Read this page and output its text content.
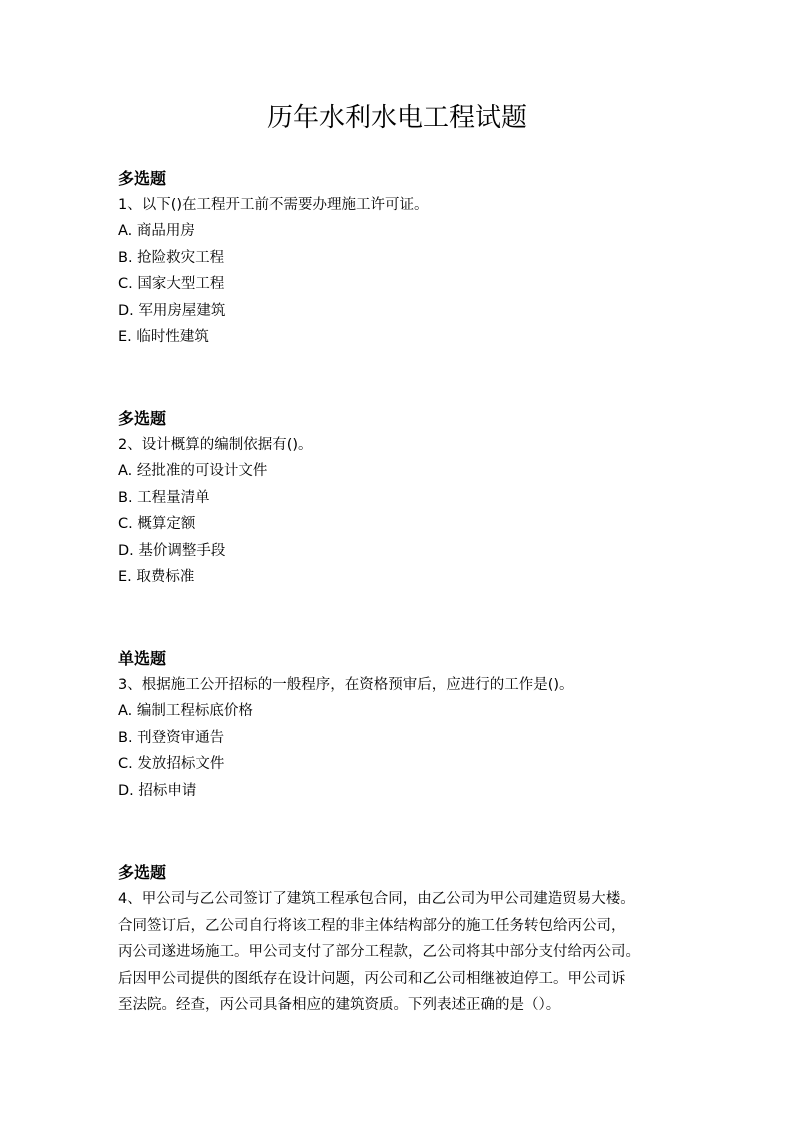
历年水利水电工程试题
多选题
1、以下()在工程开工前不需要办理施工许可证。
A. 商品用房
B. 抢险救灾工程
C. 国家大型工程
D. 军用房屋建筑
E. 临时性建筑
多选题
2、设计概算的编制依据有()。
A. 经批准的可设计文件
B. 工程量清单
C. 概算定额
D. 基价调整手段
E. 取费标准
单选题
3、根据施工公开招标的一般程序，在资格预审后，应进行的工作是()。
A. 编制工程标底价格
B. 刊登资审通告
C. 发放招标文件
D. 招标申请
多选题
4、甲公司与乙公司签订了建筑工程承包合同，由乙公司为甲公司建造贸易大楼。
合同签订后，乙公司自行将该工程的非主体结构部分的施工任务转包给丙公司，
丙公司遂进场施工。甲公司支付了部分工程款，乙公司将其中部分支付给丙公司。
后因甲公司提供的图纸存在设计问题，丙公司和乙公司相继被迫停工。甲公司诉
至法院。经查，丙公司具备相应的建筑资质。下列表述正确的是（）。
